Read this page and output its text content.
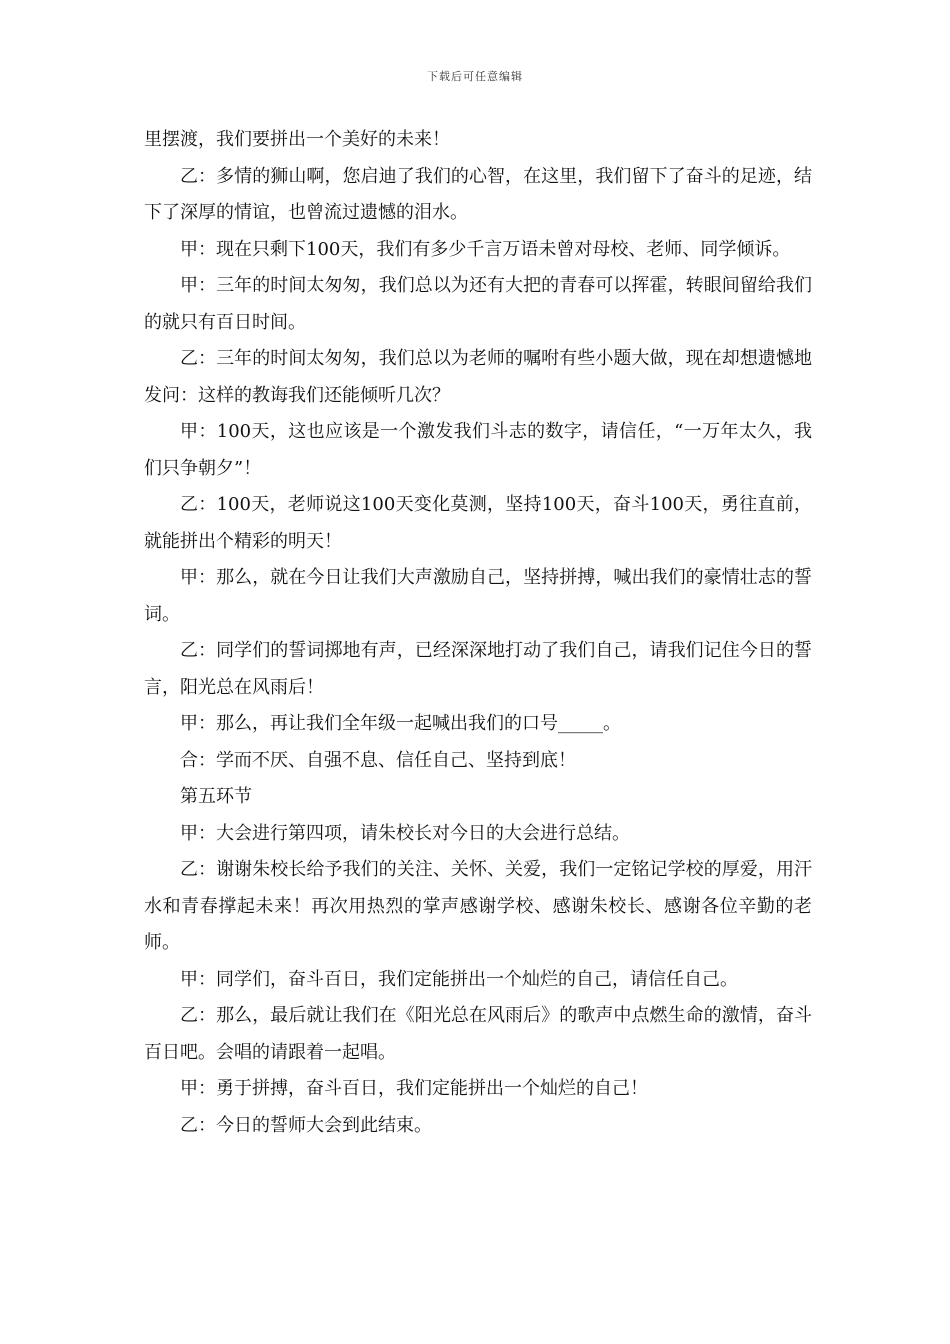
下载后可任意编辑

里摆渡，我们要拼出一个美好的未来！

乙：多情的狮山啊，您启迪了我们的心智，在这里，我们留下了奋斗的足迹，结下了深厚的情谊，也曾流过遗憾的泪水。

甲：现在只剩下100天，我们有多少千言万语未曾对母校、老师、同学倾诉。

甲：三年的时间太匆匆，我们总以为还有大把的青春可以挥霍，转眼间留给我们的就只有百日时间。

乙：三年的时间太匆匆，我们总以为老师的嘱咐有些小题大做，现在却想遗憾地发问：这样的教诲我们还能倾听几次？

甲：100天，这也应该是一个激发我们斗志的数字，请信任，“一万年太久，我们只争朝夕”！

乙：100天，老师说这100天变化莫测，坚持100天，奋斗100天，勇往直前，就能拼出个精彩的明天！

甲：那么，就在今日让我们大声激励自己，坚持拼搏，喊出我们的豪情壮志的誓词。

乙：同学们的誓词掷地有声，已经深深地打动了我们自己，请我们记住今日的誓言，阳光总在风雨后！

甲：那么，再让我们全年级一起喊出我们的口号_____。

合：学而不厌、自强不息、信任自己、坚持到底！

第五环节

甲：大会进行第四项，请朱校长对今日的大会进行总结。

乙：谢谢朱校长给予我们的关注、关怀、关爱，我们一定铭记学校的厚爱，用汗水和青春撑起未来！再次用热烈的掌声感谢学校、感谢朱校长、感谢各位辛勤的老师。

甲：同学们，奋斗百日，我们定能拼出一个灿烂的自己，请信任自己。

乙：那么，最后就让我们在《阳光总在风雨后》的歌声中点燃生命的激情，奋斗百日吧。会唱的请跟着一起唱。

甲：勇于拼搏，奋斗百日，我们定能拼出一个灿烂的自己！

乙：今日的誓师大会到此结束。
